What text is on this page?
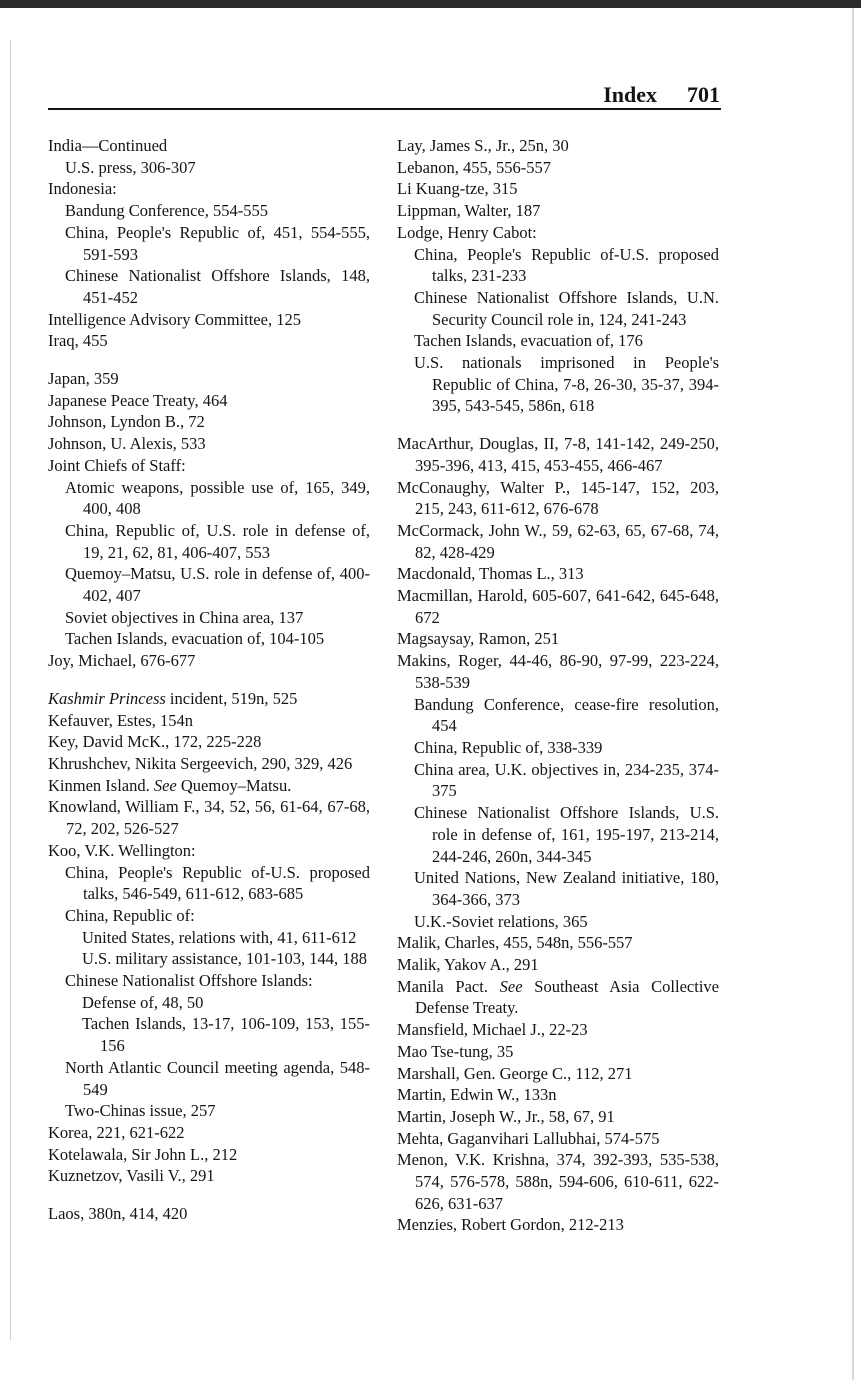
Index 701
India—Continued
U.S. press, 306-307
Indonesia:
Bandung Conference, 554-555
China, People's Republic of, 451, 554-555, 591-593
Chinese Nationalist Offshore Islands, 148, 451-452
Intelligence Advisory Committee, 125
Iraq, 455
Japan, 359
Japanese Peace Treaty, 464
Johnson, Lyndon B., 72
Johnson, U. Alexis, 533
Joint Chiefs of Staff:
Atomic weapons, possible use of, 165, 349, 400, 408
China, Republic of, U.S. role in defense of, 19, 21, 62, 81, 406-407, 553
Quemoy–Matsu, U.S. role in defense of, 400-402, 407
Soviet objectives in China area, 137
Tachen Islands, evacuation of, 104-105
Joy, Michael, 676-677
Kashmir Princess incident, 519n, 525
Kefauver, Estes, 154n
Key, David McK., 172, 225-228
Khrushchev, Nikita Sergeevich, 290, 329, 426
Kinmen Island. See Quemoy–Matsu.
Knowland, William F., 34, 52, 56, 61-64, 67-68, 72, 202, 526-527
Koo, V.K. Wellington:
China, People's Republic of-U.S. proposed talks, 546-549, 611-612, 683-685
China, Republic of:
United States, relations with, 41, 611-612
U.S. military assistance, 101-103, 144, 188
Chinese Nationalist Offshore Islands:
Defense of, 48, 50
Tachen Islands, 13-17, 106-109, 153, 155-156
North Atlantic Council meeting agenda, 548-549
Two-Chinas issue, 257
Korea, 221, 621-622
Kotelawala, Sir John L., 212
Kuznetzov, Vasili V., 291
Laos, 380n, 414, 420
Lay, James S., Jr., 25n, 30
Lebanon, 455, 556-557
Li Kuang-tze, 315
Lippman, Walter, 187
Lodge, Henry Cabot:
China, People's Republic of-U.S. proposed talks, 231-233
Chinese Nationalist Offshore Islands, U.N. Security Council role in, 124, 241-243
Tachen Islands, evacuation of, 176
U.S. nationals imprisoned in People's Republic of China, 7-8, 26-30, 35-37, 394-395, 543-545, 586n, 618
MacArthur, Douglas, II, 7-8, 141-142, 249-250, 395-396, 413, 415, 453-455, 466-467
McConaughy, Walter P., 145-147, 152, 203, 215, 243, 611-612, 676-678
McCormack, John W., 59, 62-63, 65, 67-68, 74, 82, 428-429
Macdonald, Thomas L., 313
Macmillan, Harold, 605-607, 641-642, 645-648, 672
Magsaysay, Ramon, 251
Makins, Roger, 44-46, 86-90, 97-99, 223-224, 538-539
Bandung Conference, cease-fire resolution, 454
China, Republic of, 338-339
China area, U.K. objectives in, 234-235, 374-375
Chinese Nationalist Offshore Islands, U.S. role in defense of, 161, 195-197, 213-214, 244-246, 260n, 344-345
United Nations, New Zealand initiative, 180, 364-366, 373
U.K.-Soviet relations, 365
Malik, Charles, 455, 548n, 556-557
Malik, Yakov A., 291
Manila Pact. See Southeast Asia Collective Defense Treaty.
Mansfield, Michael J., 22-23
Mao Tse-tung, 35
Marshall, Gen. George C., 112, 271
Martin, Edwin W., 133n
Martin, Joseph W., Jr., 58, 67, 91
Mehta, Gaganvihari Lallubhai, 574-575
Menon, V.K. Krishna, 374, 392-393, 535-538, 574, 576-578, 588n, 594-606, 610-611, 622-626, 631-637
Menzies, Robert Gordon, 212-213
